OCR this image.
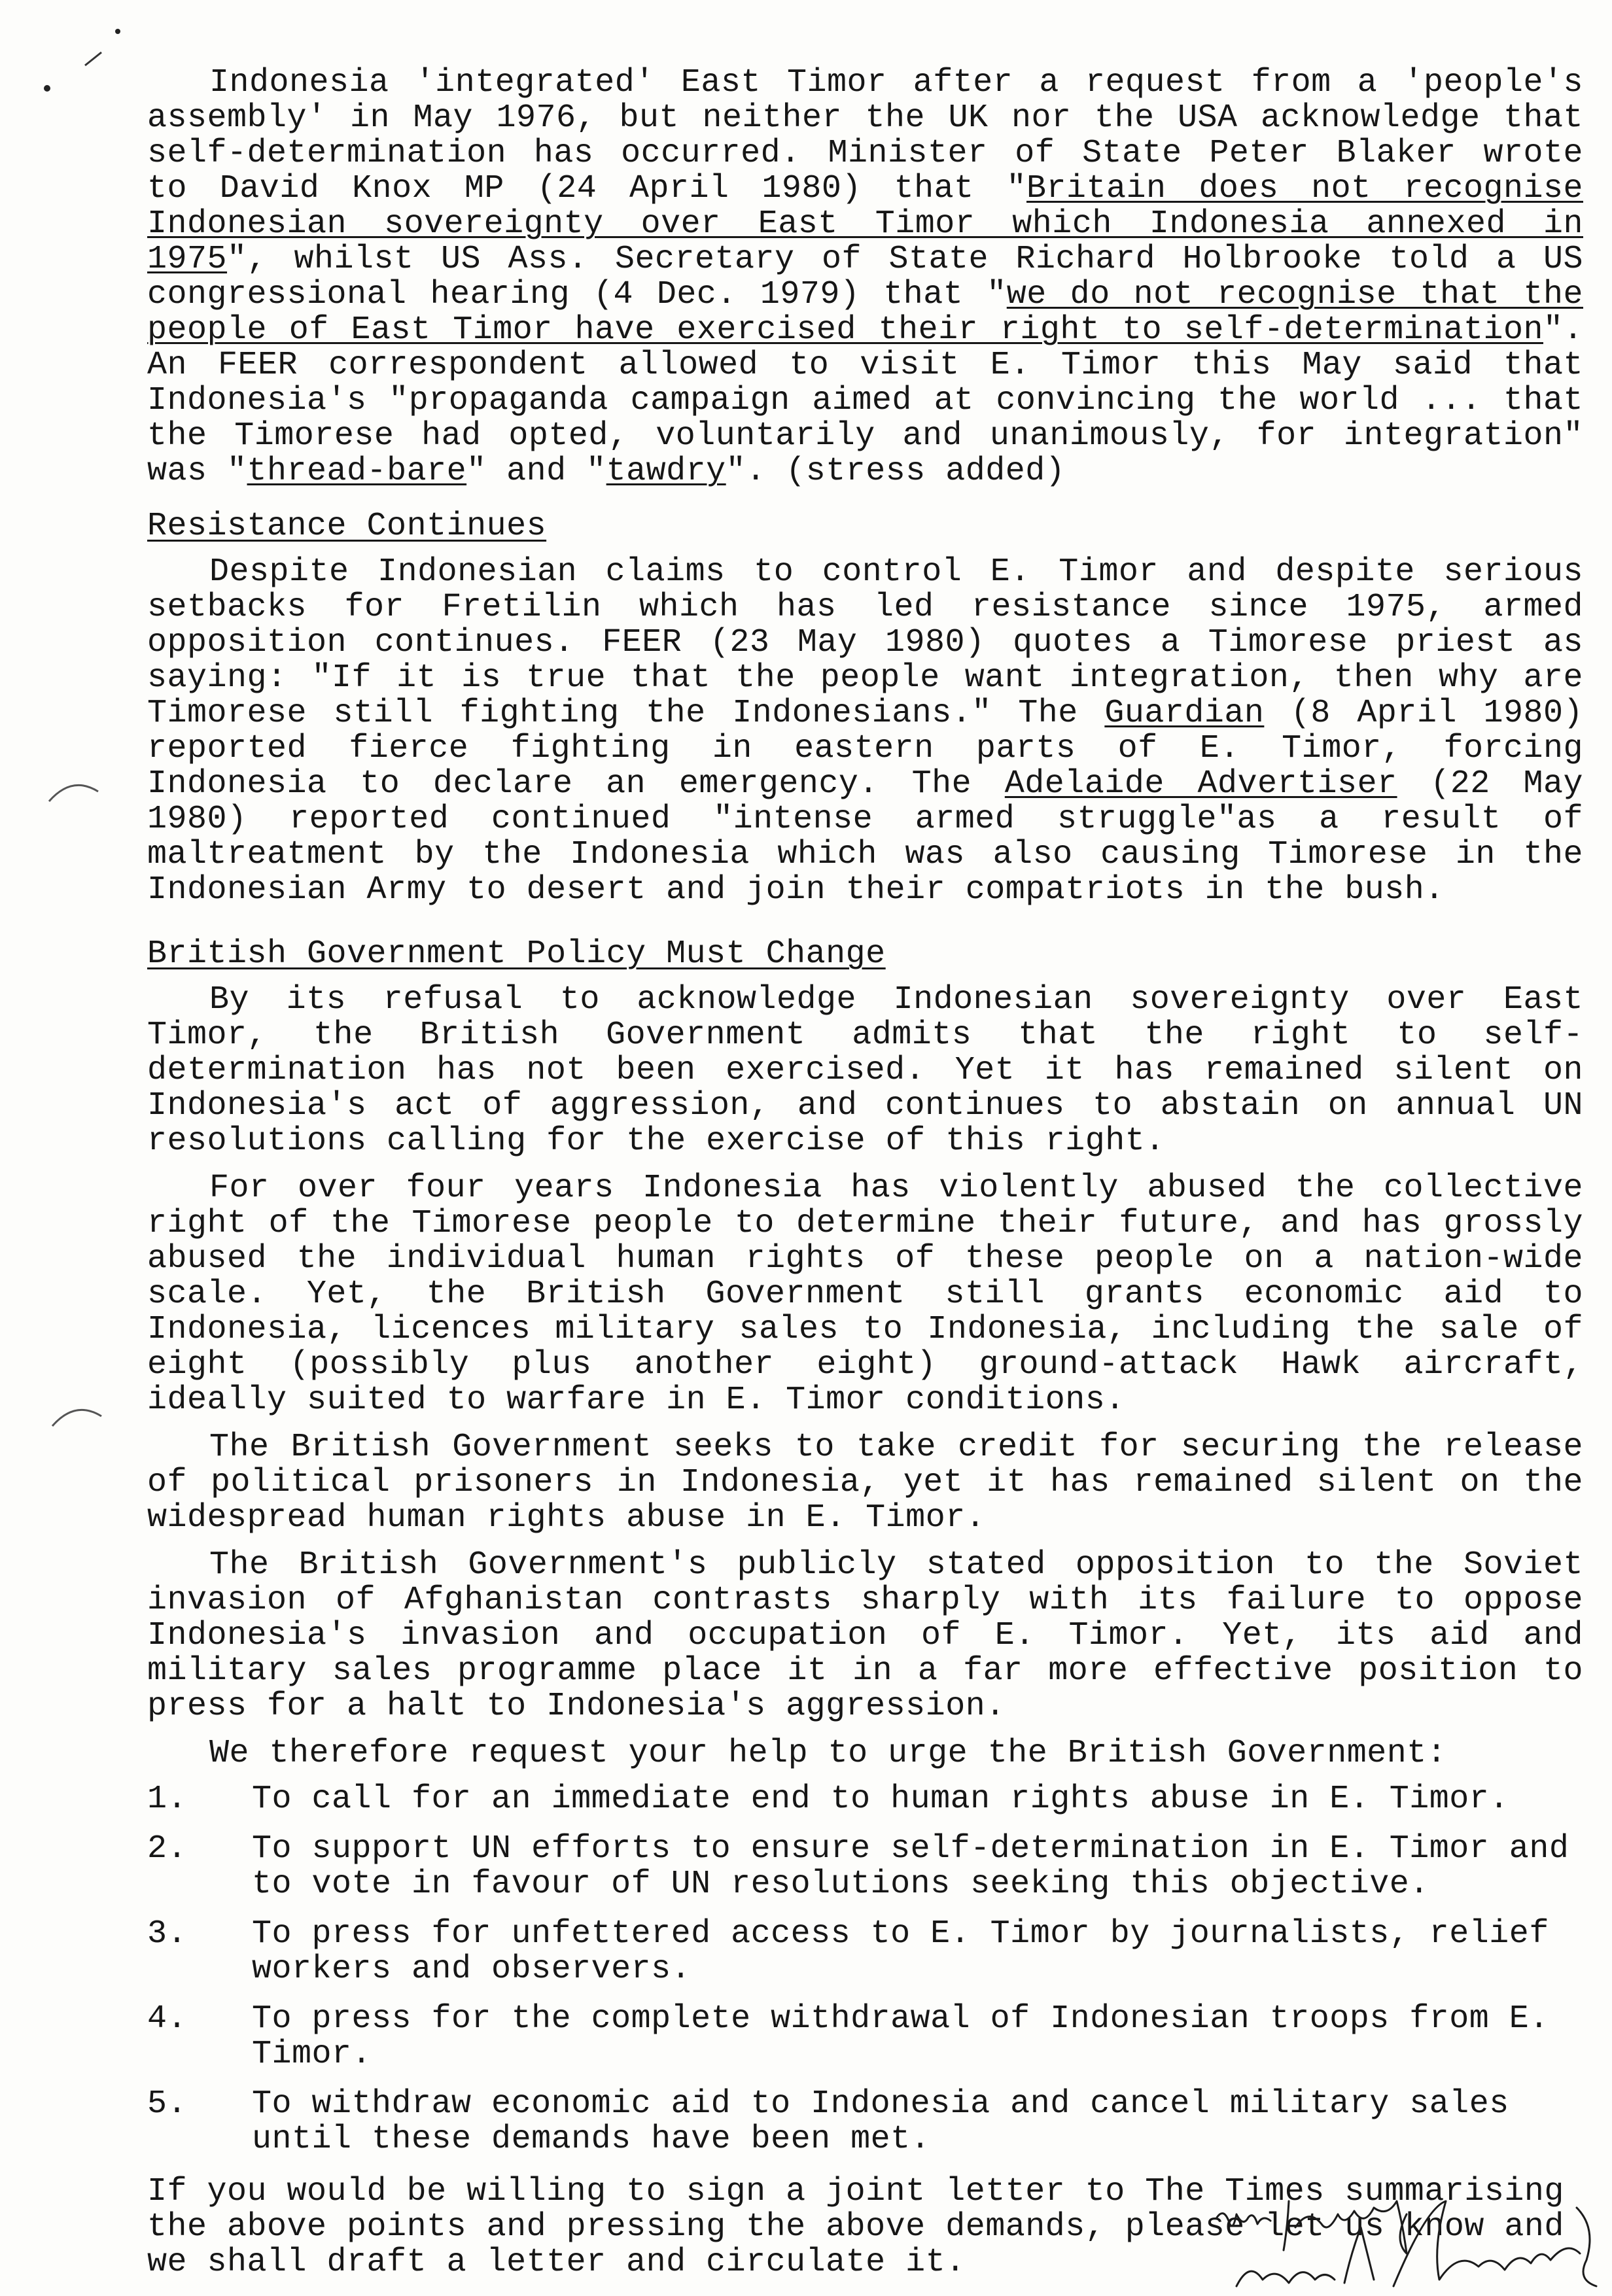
Indonesia 'integrated' East Timor after a request from a 'people's assembly' in May 1976, but neither the UK nor the USA acknowledge that self-determination has occurred. Minister of State Peter Blaker wrote to David Knox MP (24 April 1980) that "Britain does not recognise Indonesian sovereignty over East Timor which Indonesia annexed in 1975", whilst US Ass. Secretary of State Richard Holbrooke told a US congressional hearing (4 Dec. 1979) that "we do not recognise that the people of East Timor have exercised their right to self-determination". An FEER correspondent allowed to visit E. Timor this May said that Indonesia's "propaganda campaign aimed at convincing the world ... that the Timorese had opted, voluntarily and unanimously, for integration" was "thread-bare" and "tawdry". (stress added)

Resistance Continues

Despite Indonesian claims to control E. Timor and despite serious setbacks for Fretilin which has led resistance since 1975, armed opposition continues. FEER (23 May 1980) quotes a Timorese priest as saying: "If it is true that the people want integration, then why are Timorese still fighting the Indonesians." The Guardian (8 April 1980) reported fierce fighting in eastern parts of E. Timor, forcing Indonesia to declare an emergency. The Adelaide Advertiser (22 May 1980) reported continued "intense armed struggle"as a result of maltreatment by the Indonesia which was also causing Timorese in the Indonesian Army to desert and join their compatriots in the bush.

British Government Policy Must Change

By its refusal to acknowledge Indonesian sovereignty over East Timor, the British Government admits that the right to self-determination has not been exercised. Yet it has remained silent on Indonesia's act of aggression, and continues to abstain on annual UN resolutions calling for the exercise of this right.

For over four years Indonesia has violently abused the collective right of the Timorese people to determine their future, and has grossly abused the individual human rights of these people on a nation-wide scale. Yet, the British Government still grants economic aid to Indonesia, licences military sales to Indonesia, including the sale of eight (possibly plus another eight) ground-attack Hawk aircraft, ideally suited to warfare in E. Timor conditions.

The British Government seeks to take credit for securing the release of political prisoners in Indonesia, yet it has remained silent on the widespread human rights abuse in E. Timor.

The British Government's publicly stated opposition to the Soviet invasion of Afghanistan contrasts sharply with its failure to oppose Indonesia's invasion and occupation of E. Timor. Yet, its aid and military sales programme place it in a far more effective position to press for a halt to Indonesia's aggression.

We therefore request your help to urge the British Government:

1.	To call for an immediate end to human rights abuse in E. Timor.
2.	To support UN efforts to ensure self-determination in E. Timor and to vote in favour of UN resolutions seeking this objective.
3.	To press for unfettered access to E. Timor by journalists, relief workers and observers.
4.	To press for the complete withdrawal of Indonesian troops from E. Timor.
5.	To withdraw economic aid to Indonesia and cancel military sales until these demands have been met.

If you would be willing to sign a joint letter to The Times summarising the above points and pressing the above demands, please let us know and we shall draft a letter and circulate it.
